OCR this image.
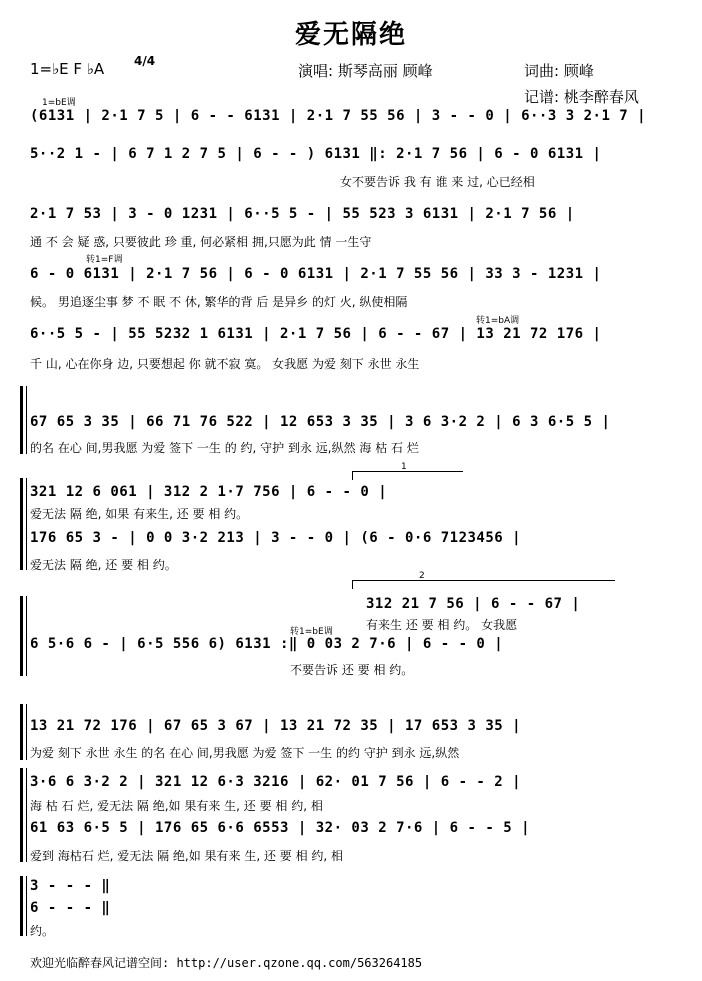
爱无隔绝
1=♭E F ♭A 4/4
演唱: 斯琴高丽 顾峰	词曲: 顾峰
记谱: 桃李醉春风
1=bE调
(6131 | 2·1 7 5 | 6 - - 6131 | 2·1 7 55 56 | 3 - - 0 | 6··3 3 2·1 7 |
5··2 1 - | 6 7 1 2 7 5 | 6 - - ) 6131 ‖: 2·1 7 56 | 6 - 0 6131 |
女不要告诉 我 有 谁 来 过, 心已经相
2·1 7 53 | 3 - 0 1231 | 6··5 5 - | 55 523 3 6131 | 2·1 7 56 |
通 不 会 疑 惑, 只要彼此 珍 重, 何必紧相 拥,只愿为此 情 一生守
转1=F调
6 - 0 6131 | 2·1 7 56 | 6 - 0 6131 | 2·1 7 55 56 | 33 3 - 1231 |
候。 男追逐尘事 梦 不 眠 不 休, 繁华的背 后 是异乡 的灯 火, 纵使相隔
转1=bA调
6··5 5 - | 55 5232 1 6131 | 2·1 7 56 | 6 - - 67 | 13 21 72 176 |
千 山, 心在你身 边, 只要想起 你 就不寂 寞。 女我愿 为爱 刻下 永世 永生
67 65 3 35 | 66 71 76 522 | 12 653 3 35 | 3 6 3·2 2 | 6 3 6·5 5 |
的名 在心 间,男我愿 为爱 签下 一生 的 约, 守护 到永 远,纵然 海 枯 石 烂
1
321 12 6 061 | 312 2 1·7 756 | 6 - - 0 |
爱无法 隔 绝, 如果 有来生, 还 要 相 约。
176 65 3 - | 0 0 3·2 213 | 3 - - 0 | (6 - 0·6 7123456 |
爱无法 隔 绝, 还 要 相 约。
2
312 21 7 56 | 6 - - 67 |
有来生 还 要 相 约。 女我愿
转1=bE调
6 5·6 6 - | 6·5 556 6) 6131 :‖ 0 03 2 7·6 | 6 - - 0 |
不要告诉 还 要 相 约。
13 21 72 176 | 67 65 3 67 | 13 21 72 35 | 17 653 3 35 |
为爱 刻下 永世 永生 的名 在心 间,男我愿 为爱 签下 一生 的约 守护 到永 远,纵然
3·6 6 3·2 2 | 321 12 6·3 3216 | 62· 01 7 56 | 6 - - 2 |
海 枯 石 烂, 爱无法 隔 绝,如 果有来 生, 还 要 相 约, 相
61 63 6·5 5 | 176 65 6·6 6553 | 32· 03 2 7·6 | 6 - - 5 |
爱到 海枯石 烂, 爱无法 隔 绝,如 果有来 生, 还 要 相 约, 相
3 - - - ‖
6 - - - ‖
约。
欢迎光临醉春风记谱空间: http://user.qzone.qq.com/563264185
